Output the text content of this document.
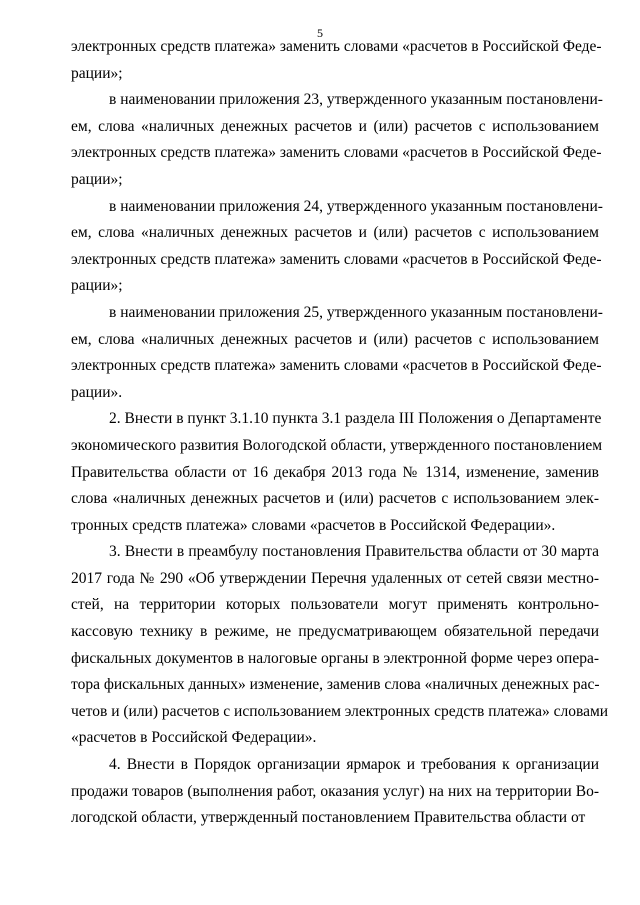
5
электронных средств платежа» заменить словами «расчетов в Российской Феде-
рации»;
в наименовании приложения 23, утвержденного указанным постановлени-
ем, слова «наличных денежных расчетов и (или) расчетов с использованием
электронных средств платежа» заменить словами «расчетов в Российской Феде-
рации»;
в наименовании приложения 24, утвержденного указанным постановлени-
ем, слова «наличных денежных расчетов и (или) расчетов с использованием
электронных средств платежа» заменить словами «расчетов в Российской Феде-
рации»;
в наименовании приложения 25, утвержденного указанным постановлени-
ем, слова «наличных денежных расчетов и (или) расчетов с использованием
электронных средств платежа» заменить словами «расчетов в Российской Феде-
рации».
2. Внести в пункт 3.1.10 пункта 3.1 раздела III Положения о Департаменте
экономического развития Вологодской области, утвержденного постановлением
Правительства области от 16 декабря 2013 года № 1314, изменение, заменив
слова «наличных денежных расчетов и (или) расчетов с использованием элек-
тронных средств платежа» словами «расчетов в Российской Федерации».
3. Внести в преамбулу постановления Правительства области от 30 марта
2017 года № 290 «Об утверждении Перечня удаленных от сетей связи местно-
стей, на территории которых пользователи могут применять контрольно-
кассовую технику в режиме, не предусматривающем обязательной передачи
фискальных документов в налоговые органы в электронной форме через опера-
тора фискальных данных» изменение, заменив слова «наличных денежных рас-
четов и (или) расчетов с использованием электронных средств платежа» словами
«расчетов в Российской Федерации».
4. Внести в Порядок организации ярмарок и требования к организации
продажи товаров (выполнения работ, оказания услуг) на них на территории Во-
логодской области, утвержденный постановлением Правительства области от
